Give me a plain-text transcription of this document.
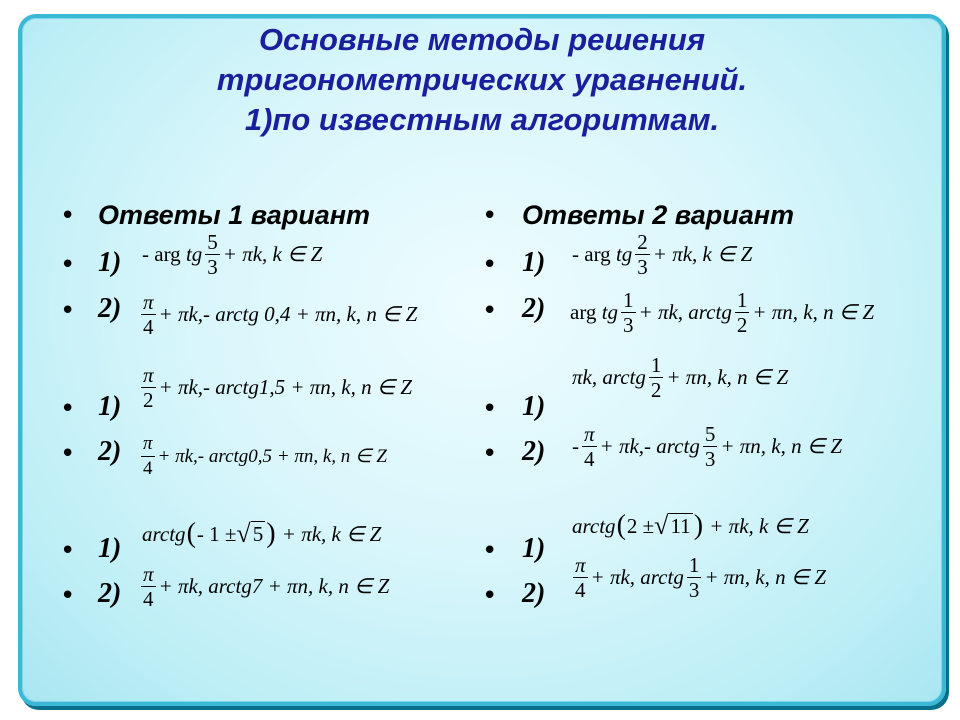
Основные методы решения
тригонометрических уравнений.
1)по известным алгоритмам.
• Ответы 1 вариант
• 1) - arg
tg $\frac{5}{3} + \pi k$, k ∈ Z
• $2) \frac{\pi}{4} + \pi k,-$ arctg 0,4 + πn, k, n ∈ Z
• $1) \frac{\pi}{2} + \pi k,-$ arctg1,5 + πn, k, n ∈ Z
• $2) \frac{\pi}{4} + \pi k,-$ arctg0,5 + πn, k, n ∈ Z
• 1) arctg ( - 1 ± √ 5 )
+ πk, k ∈ Z
• $2) \frac{\pi}{4} + \pi k$, arctg7 + πn, k, n ∈ Z
• Ответы 2 вариант
• 1) - arg
tg $\frac{2}{3} + \pi k$, k ∈ Z
• 2) arg
tg $\frac{1}{3} + \pi k$, arctg $\frac{1}{2} + \pi n$, k, n ∈ Z
• 1)
πk, arctg $\frac{1}{2} + \pi n$, k, n ∈ Z
• $2) - \frac{\pi}{4} + \pi k,-$ arctg $\frac{5}{3} + \pi n$, k, n ∈ Z
• 1)
arctg ( 2 ± √ 11 )
+ πk, k ∈ Z
• $2) \frac{\pi}{4} + \pi k$, arctg $\frac{1}{3} + \pi n$, k, n ∈ Z
